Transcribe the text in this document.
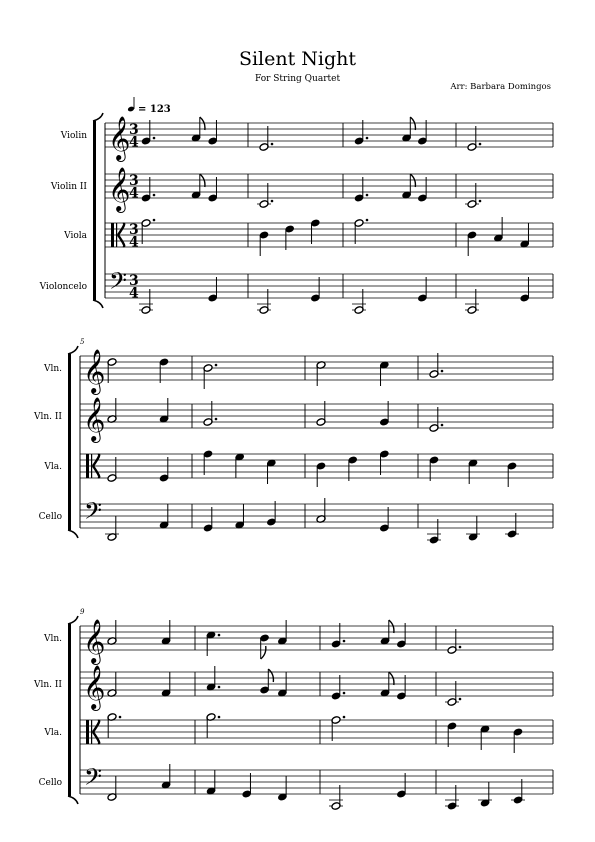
Silent Night
For String Quartet
Arr: Barbara Domingos
= 123
Violin 𝄞
3
4
Violin II 𝄞
3
4
Viola	3
4
Violoncelo 𝄢 3
4
5
Vln. 𝄞
Vln. II 𝄞
Vla.
Cello 𝄢
9
Vln. 𝄞
Vln. II 𝄞
Vla.
Cello 𝄢
